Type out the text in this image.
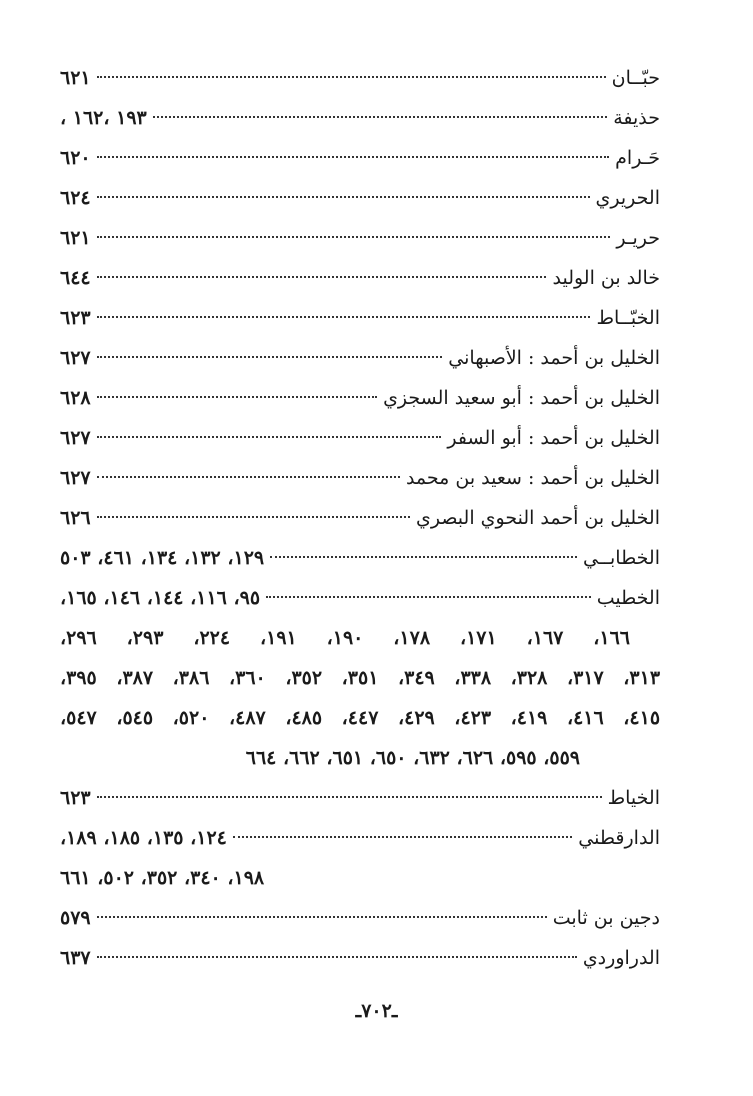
حبّــان
٦٢١
حذيفة
١٩٣ ،١٦٢ ،
حَـرام
٦٢٠
الحريري
٦٢٤
حريـر
٦٢١
خالد بن الوليد
٦٤٤
الخبّــاط
٦٢٣
الخليل بن أحمد : الأصبهاني
٦٢٧
الخليل بن أحمد : أبو سعيد السجزي
٦٢٨
الخليل بن أحمد : أبو السفر
٦٢٧
الخليل بن أحمد : سعيد بن محمد
٦٢٧
الخليل بن أحمد النحوي البصري
٦٢٦
الخطابــي
١٢٩، ١٣٢، ١٣٤، ٤٦١، ٥٠٣
الخطيب
٩٥، ١١٦، ١٤٤، ١٤٦، ١٦٥،
١٦٦، ١٦٧، ١٧١، ١٧٨، ١٩٠، ١٩١، ٢٢٤، ٢٩٣، ٢٩٦،
٣١٣، ٣١٧، ٣٢٨، ٣٣٨، ٣٤٩، ٣٥١، ٣٥٢، ٣٦٠، ٣٨٦، ٣٨٧، ٣٩٥،
٤١٥، ٤١٦، ٤١٩، ٤٢٣، ٤٢٩، ٤٤٧، ٤٨٥، ٤٨٧، ٥٢٠، ٥٤٥، ٥٤٧،
٥٥٩، ٥٩٥، ٦٢٦، ٦٣٢، ٦٥٠، ٦٥١، ٦٦٢، ٦٦٤
الخياط
٦٢٣
الدارقطني
١٢٤، ١٣٥، ١٨٥، ١٨٩،
١٩٨، ٣٤٠، ٣٥٢، ٥٠٢، ٦٦١
دجين بن ثابت
٥٧٩
الدراوردي
٦٣٧
ـ٧٠٢ـ
